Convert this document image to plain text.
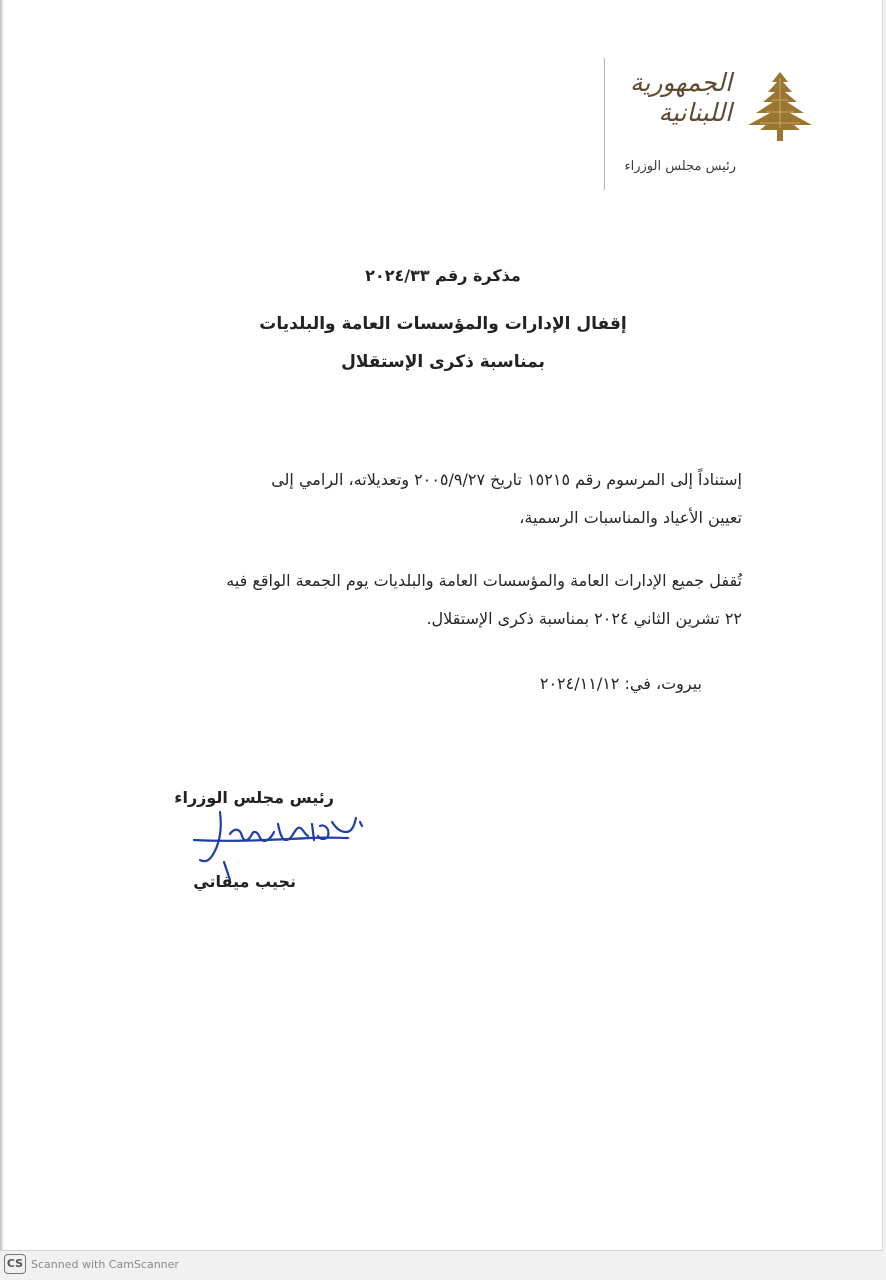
الجمهورية
اللبنانية
رئيس مجلس الوزراء
مذكرة رقم ٢٠٢٤/٣٣
إقفال الإدارات والمؤسسات العامة والبلديات
بمناسبة ذكرى الإستقلال
إستناداً إلى المرسوم رقم ١٥٢١٥ تاريخ ٢٠٠٥/٩/٢٧ وتعديلاته، الرامي إلى
تعيين الأعياد والمناسبات الرسمية،
تُقفل جميع الإدارات العامة والمؤسسات العامة والبلديات يوم الجمعة الواقع فيه
٢٢ تشرين الثاني ٢٠٢٤ بمناسبة ذكرى الإستقلال.
بيروت، في: ٢٠٢٤/١١/١٢
رئيس مجلس الوزراء
نجيب ميقاتي
CS Scanned with CamScanner
